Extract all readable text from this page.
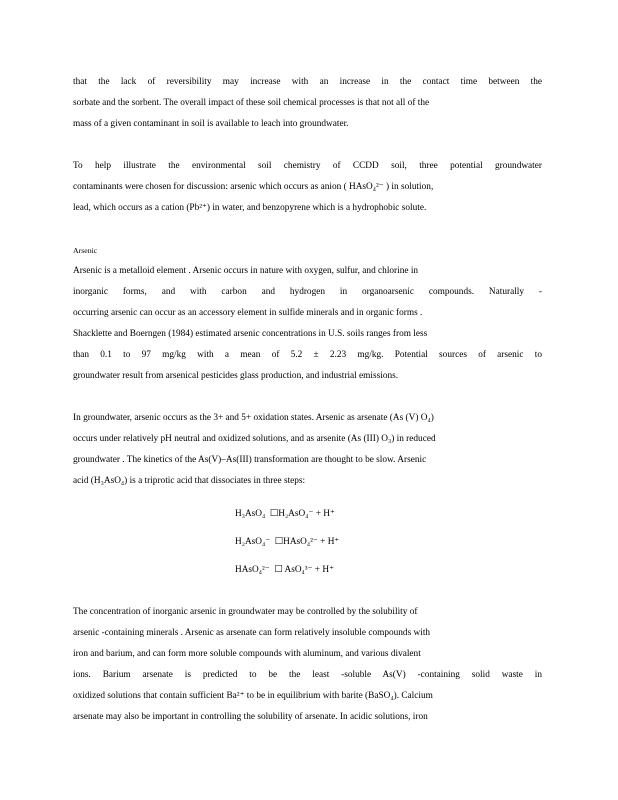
that the lack of reversibility may increase with an increase in the contact time between the
sorbate and the sorbent. The overall impact of these soil chemical processes is that not all of the
mass of a given contaminant in soil is available to leach into groundwater.

To help illustrate the environmental soil chemistry of CCDD soil, three potential groundwater
contaminants were chosen for discussion: arsenic which occurs as anion ( HAsO₄²⁻ ) in solution,
lead, which occurs as a cation (Pb²⁺) in water, and benzopyrene which is a hydrophobic solute.

Arsenic

Arsenic is a metalloid element . Arsenic occurs in nature with oxygen, sulfur, and chlorine in
inorganic forms, and with carbon and hydrogen in organoarsenic compounds. Naturally -
occurring arsenic can occur as an accessory element in sulfide minerals and in organic forms .
Shacklette and Boerngen (1984) estimated arsenic concentrations in U.S. soils ranges from less
than 0.1 to 97 mg/kg with a mean of 5.2 ± 2.23 mg/kg. Potential sources of arsenic to
groundwater result from arsenical pesticides glass production, and industrial emissions.

In groundwater, arsenic occurs as the 3+ and 5+ oxidation states. Arsenic as arsenate (As (V) O₄)
occurs under relatively pH neutral and oxidized solutions, and as arsenite (As (III) O₃) in reduced
groundwater . The kinetics of the As(V)–As(III) transformation are thought to be slow. Arsenic
acid (H₃AsO₄) is a triprotic acid that dissociates in three steps:

H₃AsO₄  ☐H₂AsO₄⁻ + H⁺
H₂AsO₄⁻  ☐HAsO₄²⁻ + H⁺
HAsO₄²⁻  ☐ AsO₄³⁻ + H⁺

The concentration of inorganic arsenic in groundwater may be controlled by the solubility of
arsenic -containing minerals . Arsenic as arsenate can form relatively insoluble compounds with
iron and barium, and can form more soluble compounds with aluminum, and various divalent
ions. Barium arsenate is predicted to be the least -soluble As(V) -containing solid waste in
oxidized solutions that contain sufficient Ba²⁺ to be in equilibrium with barite (BaSO₄). Calcium
arsenate may also be important in controlling the solubility of arsenate. In acidic solutions, iron
